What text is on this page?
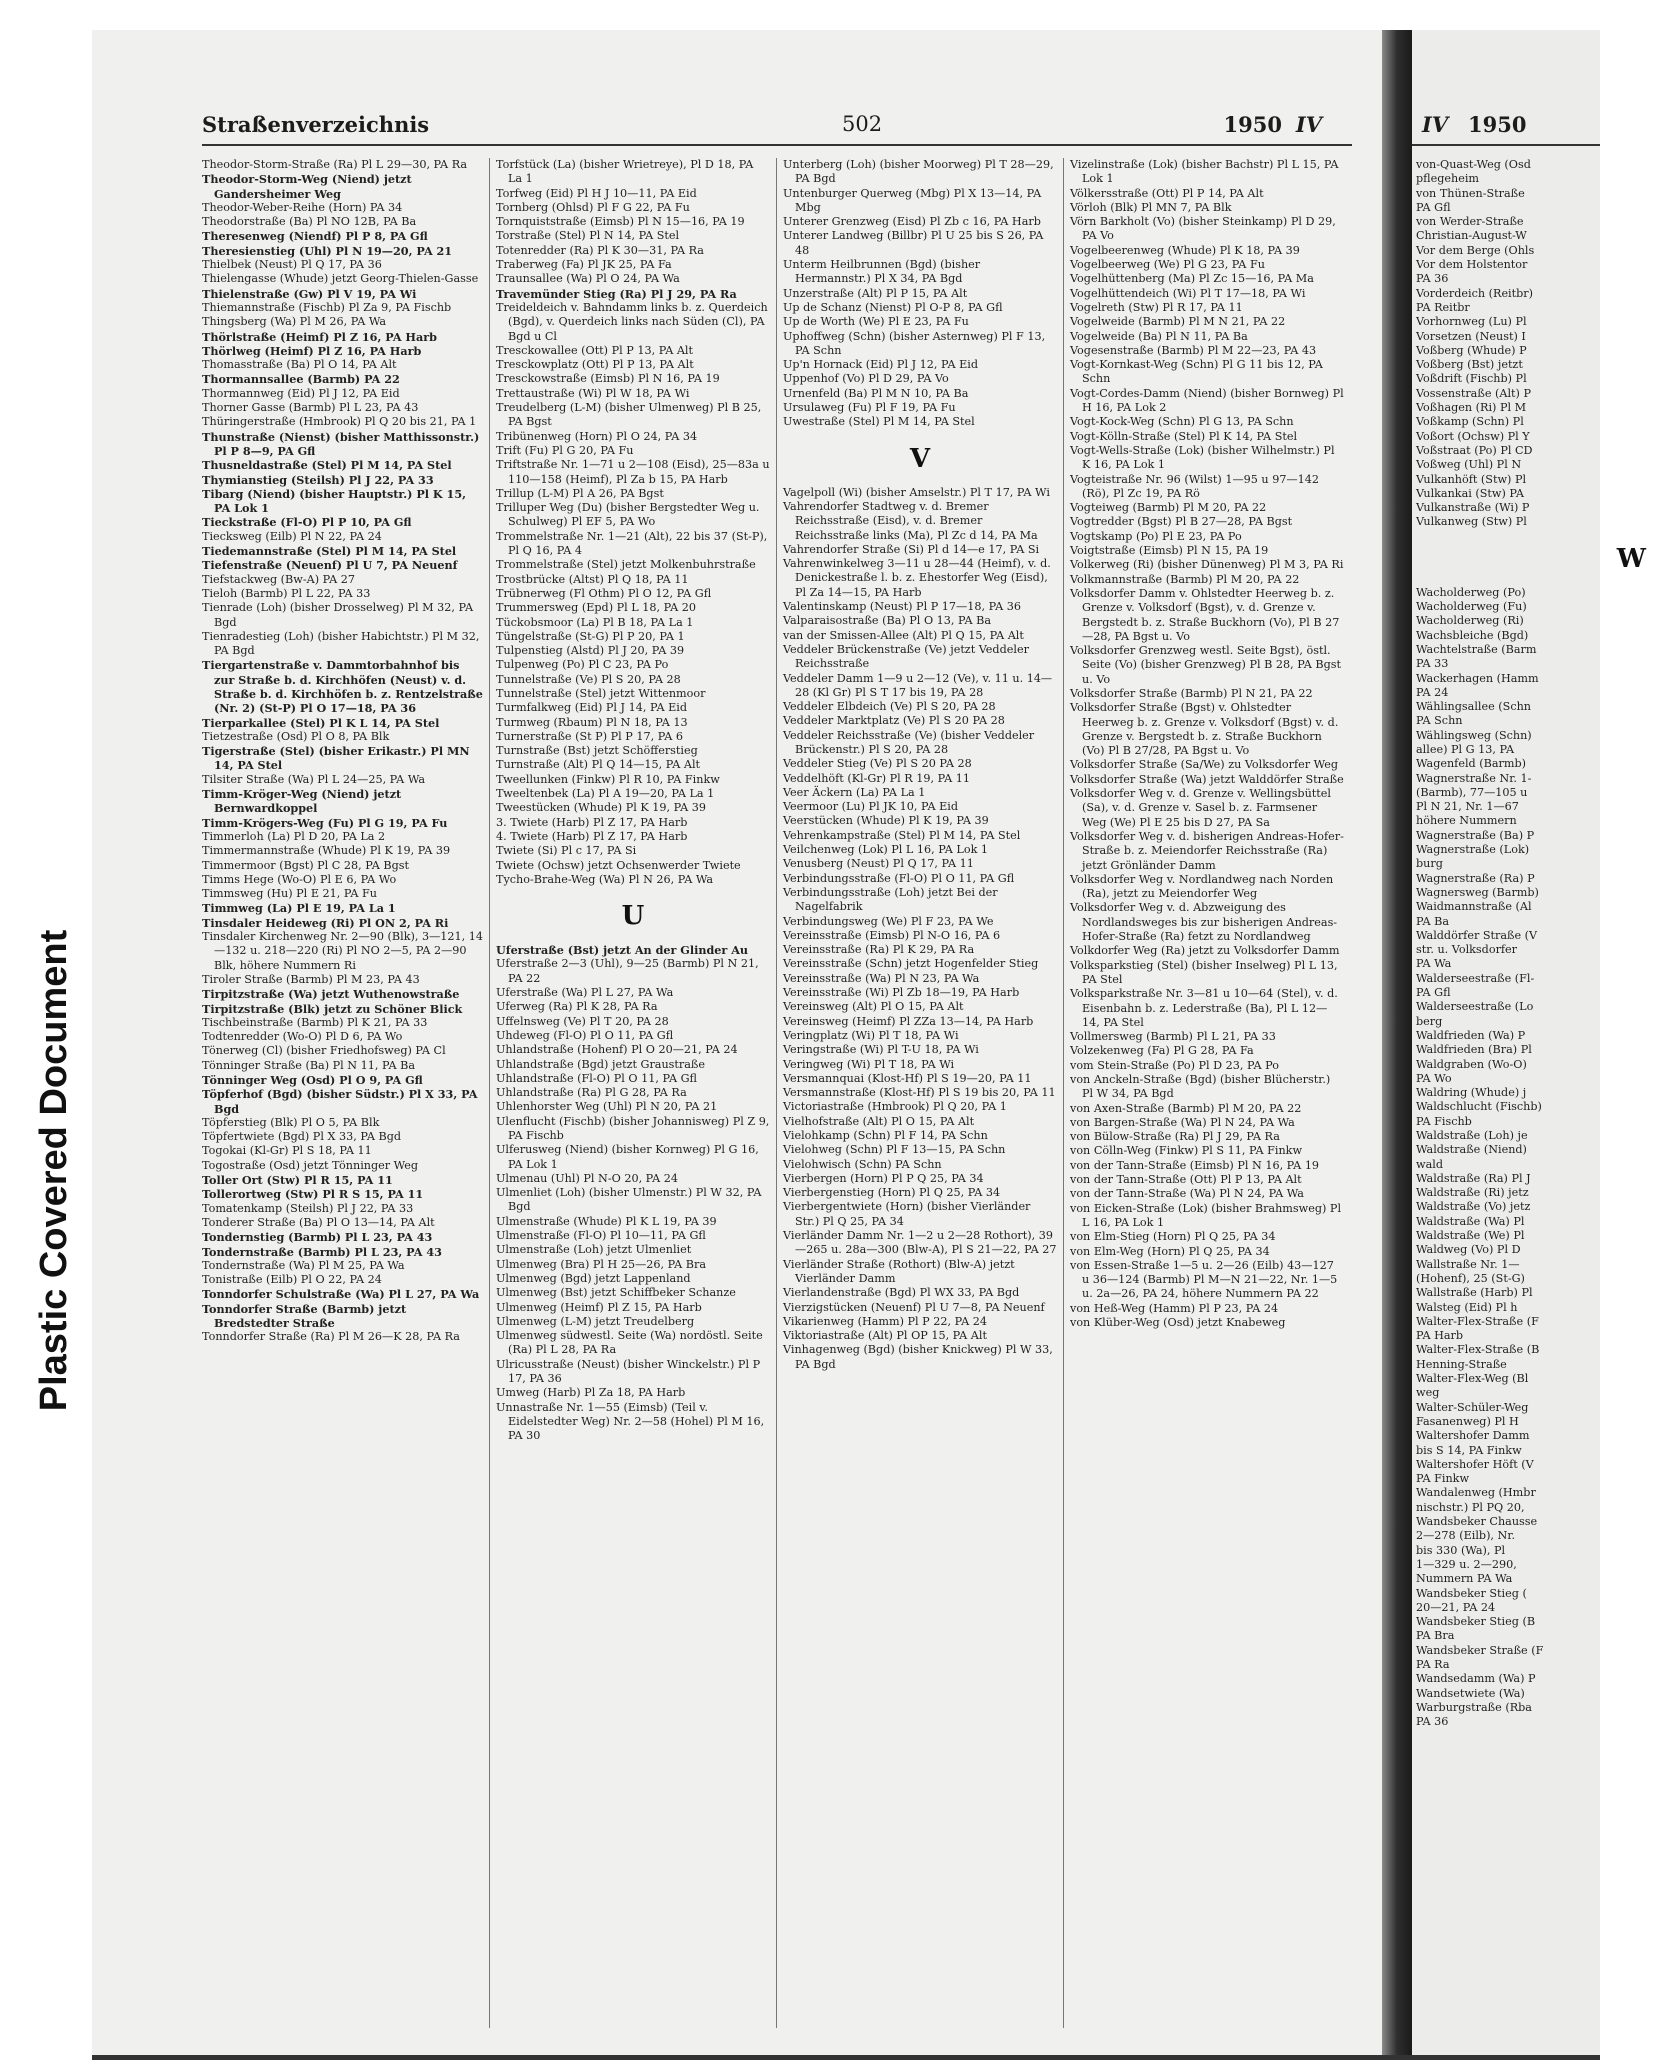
Plastic Covered Document
Straßenverzeichnis	502	1950 IV
Theodor-Storm-Straße (Ra) Pl L 29—30, PA Ra
Theodor-Storm-Weg (Niend) jetzt Gandersheimer Weg
Theodor-Weber-Reihe (Horn) PA 34
Theodorstraße (Ba) Pl NO 12B, PA Ba
Theresenweg (Niendf) Pl P 8, PA Gfl
Theresienstieg (Uhl) Pl N 19—20, PA 21
Thielbek (Neust) Pl Q 17, PA 36
Thielengasse (Whude) jetzt Georg-Thielen-Gasse
Thielenstraße (Gw) Pl V 19, PA Wi
Thiemannstraße (Fischb) Pl Za 9, PA Fischb
Thingsberg (Wa) Pl M 26, PA Wa
Thörlstraße (Heimf) Pl Z 16, PA Harb
Thörlweg (Heimf) Pl Z 16, PA Harb
Thomasstraße (Ba) Pl O 14, PA Alt
Thormannsallee (Barmb) PA 22
Thormannweg (Eid) Pl J 12, PA Eid
Thorner Gasse (Barmb) Pl L 23, PA 43
Thüringerstraße (Hmbrook) Pl Q 20 bis 21, PA 1
Thunstraße (Nienst) (bisher Matthissonstr.) Pl P 8—9, PA Gfl
Thusneldastraße (Stel) Pl M 14, PA Stel
Thymianstieg (Steilsh) Pl J 22, PA 33
Tibarg (Niend) (bisher Hauptstr.) Pl K 15, PA Lok 1
Tieckstraße (Fl-O) Pl P 10, PA Gfl
Tiecksweg (Eilb) Pl N 22, PA 24
Tiedemannstraße (Stel) Pl M 14, PA Stel
Tiefenstraße (Neuenf) Pl U 7, PA Neuenf
Tiefstackweg (Bw-A) PA 27
Tieloh (Barmb) Pl L 22, PA 33
Tienrade (Loh) (bisher Drosselweg) Pl M 32, PA Bgd
Tienradestieg (Loh) (bisher Habichtstr.) Pl M 32, PA Bgd
Tiergartenstraße v. Dammtorbahnhof bis zur Straße b. d. Kirchhöfen (Neust) v. d. Straße b. d. Kirchhöfen b. z. Rentzelstraße (Nr. 2) (St-P) Pl O 17—18, PA 36
Tierparkallee (Stel) Pl K L 14, PA Stel
Tietzestraße (Osd) Pl O 8, PA Blk
Tigerstraße (Stel) (bisher Erikastr.) Pl MN 14, PA Stel
Tilsiter Straße (Wa) Pl L 24—25, PA Wa
Timm-Kröger-Weg (Niend) jetzt Bernwardkoppel
Timm-Krögers-Weg (Fu) Pl G 19, PA Fu
Timmerloh (La) Pl D 20, PA La 2
Timmermannstraße (Whude) Pl K 19, PA 39
Timmermoor (Bgst) Pl C 28, PA Bgst
Timms Hege (Wo-O) Pl E 6, PA Wo
Timmsweg (Hu) Pl E 21, PA Fu
Timmweg (La) Pl E 19, PA La 1
Tinsdaler Heideweg (Ri) Pl ON 2, PA Ri
Tinsdaler Kirchenweg Nr. 2—90 (Blk), 3—121, 14—132 u. 218—220 (Ri) Pl NO 2—5, PA 2—90 Blk, höhere Nummern Ri
Tiroler Straße (Barmb) Pl M 23, PA 43
Tirpitzstraße (Wa) jetzt Wuthenowstraße
Tirpitzstraße (Blk) jetzt zu Schöner Blick
Tischbeinstraße (Barmb) Pl K 21, PA 33
Todtenredder (Wo-O) Pl D 6, PA Wo
Tönerweg (Cl) (bisher Friedhofsweg) PA Cl
Tönninger Straße (Ba) Pl N 11, PA Ba
Tönninger Weg (Osd) Pl O 9, PA Gfl
Töpferhof (Bgd) (bisher Südstr.) Pl X 33, PA Bgd
Töpferstieg (Blk) Pl O 5, PA Blk
Töpfertwiete (Bgd) Pl X 33, PA Bgd
Togokai (Kl-Gr) Pl S 18, PA 11
Togostraße (Osd) jetzt Tönninger Weg
Toller Ort (Stw) Pl R 15, PA 11
Tollerortweg (Stw) Pl R S 15, PA 11
Tomatenkamp (Steilsh) Pl J 22, PA 33
Tonderer Straße (Ba) Pl O 13—14, PA Alt
Tondernstieg (Barmb) Pl L 23, PA 43
Tondernstraße (Barmb) Pl L 23, PA 43
Tondernstraße (Wa) Pl M 25, PA Wa
Tonistraße (Eilb) Pl O 22, PA 24
Tonndorfer Schulstraße (Wa) Pl L 27, PA Wa
Tonndorfer Straße (Barmb) jetzt Bredstedter Straße
Tonndorfer Straße (Ra) Pl M 26—K 28, PA Ra
Torfstück (La) (bisher Wrietreye), Pl D 18, PA La 1
Torfweg (Eid) Pl H J 10—11, PA Eid
Tornberg (Ohlsd) Pl F G 22, PA Fu
Tornquiststraße (Eimsb) Pl N 15—16, PA 19
Torstraße (Stel) Pl N 14, PA Stel
Totenredder (Ra) Pl K 30—31, PA Ra
Traberweg (Fa) Pl JK 25, PA Fa
Traunsallee (Wa) Pl O 24, PA Wa
Travemünder Stieg (Ra) Pl J 29, PA Ra
Treideldeich v. Bahndamm links b. z. Querdeich (Bgd), v. Querdeich links nach Süden (Cl), PA Bgd u Cl
Tresckowallee (Ott) Pl P 13, PA Alt
Tresckowplatz (Ott) Pl P 13, PA Alt
Tresckowstraße (Eimsb) Pl N 16, PA 19
Trettaustraße (Wi) Pl W 18, PA Wi
Treudelberg (L-M) (bisher Ulmenweg) Pl B 25, PA Bgst
Tribünenweg (Horn) Pl O 24, PA 34
Trift (Fu) Pl G 20, PA Fu
Triftstraße Nr. 1—71 u 2—108 (Eisd), 25—83a u 110—158 (Heimf), Pl Za b 15, PA Harb
Trillup (L-M) Pl A 26, PA Bgst
Trilluper Weg (Du) (bisher Bergstedter Weg u. Schulweg) Pl EF 5, PA Wo
Trommelstraße Nr. 1—21 (Alt), 22 bis 37 (St-P), Pl Q 16, PA 4
Trommelstraße (Stel) jetzt Molkenbuhrstraße
Trostbrücke (Altst) Pl Q 18, PA 11
Trübnerweg (Fl Othm) Pl O 12, PA Gfl
Trummersweg (Epd) Pl L 18, PA 20
Tückobsmoor (La) Pl B 18, PA La 1
Tüngelstraße (St-G) Pl P 20, PA 1
Tulpenstieg (Alstd) Pl J 20, PA 39
Tulpenweg (Po) Pl C 23, PA Po
Tunnelstraße (Ve) Pl S 20, PA 28
Tunnelstraße (Stel) jetzt Wittenmoor
Turmfalkweg (Eid) Pl J 14, PA Eid
Turmweg (Rbaum) Pl N 18, PA 13
Turnerstraße (St P) Pl P 17, PA 6
Turnstraße (Bst) jetzt Schöfferstieg
Turnstraße (Alt) Pl Q 14—15, PA Alt
Tweellunken (Finkw) Pl R 10, PA Finkw
Tweeltenbek (La) Pl A 19—20, PA La 1
Tweestücken (Whude) Pl K 19, PA 39
3. Twiete (Harb) Pl Z 17, PA Harb
4. Twiete (Harb) Pl Z 17, PA Harb
Twiete (Si) Pl c 17, PA Si
Twiete (Ochsw) jetzt Ochsenwerder Twiete
Tycho-Brahe-Weg (Wa) Pl N 26, PA Wa
U
Uferstraße (Bst) jetzt An der Glinder Au
Uferstraße 2—3 (Uhl), 9—25 (Barmb) Pl N 21, PA 22
Uferstraße (Wa) Pl L 27, PA Wa
Uferweg (Ra) Pl K 28, PA Ra
Uffelnsweg (Ve) Pl T 20, PA 28
Uhdeweg (Fl-O) Pl O 11, PA Gfl
Uhlandstraße (Hohenf) Pl O 20—21, PA 24
Uhlandstraße (Bgd) jetzt Graustraße
Uhlandstraße (Fl-O) Pl O 11, PA Gfl
Uhlandstraße (Ra) Pl G 28, PA Ra
Uhlenhorster Weg (Uhl) Pl N 20, PA 21
Ulenflucht (Fischb) (bisher Johannisweg) Pl Z 9, PA Fischb
Ulferusweg (Niend) (bisher Kornweg) Pl G 16, PA Lok 1
Ulmenau (Uhl) Pl N-O 20, PA 24
Ulmenliet (Loh) (bisher Ulmenstr.) Pl W 32, PA Bgd
Ulmenstraße (Whude) Pl K L 19, PA 39
Ulmenstraße (Fl-O) Pl 10—11, PA Gfl
Ulmenstraße (Loh) jetzt Ulmenliet
Ulmenweg (Bra) Pl H 25—26, PA Bra
Ulmenweg (Bgd) jetzt Lappenland
Ulmenweg (Bst) jetzt Schiffbeker Schanze
Ulmenweg (Heimf) Pl Z 15, PA Harb
Ulmenweg (L-M) jetzt Treudelberg
Ulmenweg südwestl. Seite (Wa) nordöstl. Seite (Ra) Pl L 28, PA Ra
Ulricusstraße (Neust) (bisher Winckelstr.) Pl P 17, PA 36
Umweg (Harb) Pl Za 18, PA Harb
Unnastraße Nr. 1—55 (Eimsb) (Teil v. Eidelstedter Weg) Nr. 2—58 (Hohel) Pl M 16, PA 30
Unterberg (Loh) (bisher Moorweg) Pl T 28—29, PA Bgd
Untenburger Querweg (Mbg) Pl X 13—14, PA Mbg
Unterer Grenzweg (Eisd) Pl Zb c 16, PA Harb
Unterer Landweg (Billbr) Pl U 25 bis S 26, PA 48
Unterm Heilbrunnen (Bgd) (bisher Hermannstr.) Pl X 34, PA Bgd
Unzerstraße (Alt) Pl P 15, PA Alt
Up de Schanz (Nienst) Pl O-P 8, PA Gfl
Up de Worth (We) Pl E 23, PA Fu
Uphoffweg (Schn) (bisher Asternweg) Pl F 13, PA Schn
Up'n Hornack (Eid) Pl J 12, PA Eid
Uppenhof (Vo) Pl D 29, PA Vo
Urnenfeld (Ba) Pl M N 10, PA Ba
Ursulaweg (Fu) Pl F 19, PA Fu
Uwestraße (Stel) Pl M 14, PA Stel
V
Vagelpoll (Wi) (bisher Amselstr.) Pl T 17, PA Wi
Vahrendorfer Stadtweg v. d. Bremer Reichsstraße (Eisd), v. d. Bremer Reichsstraße links (Ma), Pl Zc d 14, PA Ma
Vahrendorfer Straße (Si) Pl d 14—e 17, PA Si
Vahrenwinkelweg 3—11 u 28—44 (Heimf), v. d. Denickestraße l. b. z. Ehestorfer Weg (Eisd), Pl Za 14—15, PA Harb
Valentinskamp (Neust) Pl P 17—18, PA 36
Valparaisostraße (Ba) Pl O 13, PA Ba
van der Smissen-Allee (Alt) Pl Q 15, PA Alt
Veddeler Brückenstraße (Ve) jetzt Veddeler Reichsstraße
Veddeler Damm 1—9 u 2—12 (Ve), v. 11 u. 14—28 (Kl Gr) Pl S T 17 bis 19, PA 28
Veddeler Elbdeich (Ve) Pl S 20, PA 28
Veddeler Marktplatz (Ve) Pl S 20 PA 28
Veddeler Reichsstraße (Ve) (bisher Veddeler Brückenstr.) Pl S 20, PA 28
Veddeler Stieg (Ve) Pl S 20 PA 28
Veddelhöft (Kl-Gr) Pl R 19, PA 11
Veer Äckern (La) PA La 1
Veermoor (Lu) Pl JK 10, PA Eid
Veerstücken (Whude) Pl K 19, PA 39
Vehrenkampstraße (Stel) Pl M 14, PA Stel
Veilchenweg (Lok) Pl L 16, PA Lok 1
Venusberg (Neust) Pl Q 17, PA 11
Verbindungsstraße (Fl-O) Pl O 11, PA Gfl
Verbindungsstraße (Loh) jetzt Bei der Nagelfabrik
Verbindungsweg (We) Pl F 23, PA We
Vereinsstraße (Eimsb) Pl N-O 16, PA 6
Vereinsstraße (Ra) Pl K 29, PA Ra
Vereinsstraße (Schn) jetzt Hogenfelder Stieg
Vereinsstraße (Wa) Pl N 23, PA Wa
Vereinsstraße (Wi) Pl Zb 18—19, PA Harb
Vereinsweg (Alt) Pl O 15, PA Alt
Vereinsweg (Heimf) Pl ZZa 13—14, PA Harb
Veringplatz (Wi) Pl T 18, PA Wi
Veringstraße (Wi) Pl T-U 18, PA Wi
Veringweg (Wi) Pl T 18, PA Wi
Versmannquai (Klost-Hf) Pl S 19—20, PA 11
Versmannstraße (Klost-Hf) Pl S 19 bis 20, PA 11
Victoriastraße (Hmbrook) Pl Q 20, PA 1
Vielhofstraße (Alt) Pl O 15, PA Alt
Vielohkamp (Schn) Pl F 14, PA Schn
Vielohweg (Schn) Pl F 13—15, PA Schn
Vielohwisch (Schn) PA Schn
Vierbergen (Horn) Pl P Q 25, PA 34
Vierbergenstieg (Horn) Pl Q 25, PA 34
Vierbergentwiete (Horn) (bisher Vierländer Str.) Pl Q 25, PA 34
Vierländer Damm Nr. 1—2 u 2—28 Rothort), 39—265 u. 28a—300 (Blw-A), Pl S 21—22, PA 27
Vierländer Straße (Rothort) (Blw-A) jetzt Vierländer Damm
Vierlandenstraße (Bgd) Pl WX 33, PA Bgd
Vierzigstücken (Neuenf) Pl U 7—8, PA Neuenf
Vikarienweg (Hamm) Pl P 22, PA 24
Viktoriastraße (Alt) Pl OP 15, PA Alt
Vinhagenweg (Bgd) (bisher Knickweg) Pl W 33, PA Bgd
Vizelinstraße (Lok) (bisher Bachstr) Pl L 15, PA Lok 1
Völkersstraße (Ott) Pl P 14, PA Alt
Vörloh (Blk) Pl MN 7, PA Blk
Vörn Barkholt (Vo) (bisher Steinkamp) Pl D 29, PA Vo
Vogelbeerenweg (Whude) Pl K 18, PA 39
Vogelbeerweg (We) Pl G 23, PA Fu
Vogelhüttenberg (Ma) Pl Zc 15—16, PA Ma
Vogelhüttendeich (Wi) Pl T 17—18, PA Wi
Vogelreth (Stw) Pl R 17, PA 11
Vogelweide (Barmb) Pl M N 21, PA 22
Vogelweide (Ba) Pl N 11, PA Ba
Vogesenstraße (Barmb) Pl M 22—23, PA 43
Vogt-Kornkast-Weg (Schn) Pl G 11 bis 12, PA Schn
Vogt-Cordes-Damm (Niend) (bisher Bornweg) Pl H 16, PA Lok 2
Vogt-Kock-Weg (Schn) Pl G 13, PA Schn
Vogt-Kölln-Straße (Stel) Pl K 14, PA Stel
Vogt-Wells-Straße (Lok) (bisher Wilhelmstr.) Pl K 16, PA Lok 1
Vogteistraße Nr. 96 (Wilst) 1—95 u 97—142 (Rö), Pl Zc 19, PA Rö
Vogteiweg (Barmb) Pl M 20, PA 22
Vogtredder (Bgst) Pl B 27—28, PA Bgst
Vogtskamp (Po) Pl E 23, PA Po
Voigtstraße (Eimsb) Pl N 15, PA 19
Volkerweg (Ri) (bisher Dünenweg) Pl M 3, PA Ri
Volkmannstraße (Barmb) Pl M 20, PA 22
Volksdorfer Damm v. Ohlstedter Heerweg b. z. Grenze v. Volksdorf (Bgst), v. d. Grenze v. Bergstedt b. z. Straße Buckhorn (Vo), Pl B 27—28, PA Bgst u. Vo
Volksdorfer Grenzweg westl. Seite Bgst), östl. Seite (Vo) (bisher Grenzweg) Pl B 28, PA Bgst u. Vo
Volksdorfer Straße (Barmb) Pl N 21, PA 22
Volksdorfer Straße (Bgst) v. Ohlstedter Heerweg b. z. Grenze v. Volksdorf (Bgst) v. d. Grenze v. Bergstedt b. z. Straße Buckhorn (Vo) Pl B 27/28, PA Bgst u. Vo
Volksdorfer Straße (Sa/We) zu Volksdorfer Weg
Volksdorfer Straße (Wa) jetzt Walddörfer Straße
Volksdorfer Weg v. d. Grenze v. Wellingsbüttel (Sa), v. d. Grenze v. Sasel b. z. Farmsener Weg (We) Pl E 25 bis D 27, PA Sa
Volksdorfer Weg v. d. bisherigen Andreas-Hofer-Straße b. z. Meiendorfer Reichsstraße (Ra) jetzt Grönländer Damm
Volksdorfer Weg v. Nordlandweg nach Norden (Ra), jetzt zu Meiendorfer Weg
Volksdorfer Weg v. d. Abzweigung des Nordlandsweges bis zur bisherigen Andreas-Hofer-Straße (Ra) fetzt zu Nordlandweg
Volkdorfer Weg (Ra) jetzt zu Volksdorfer Damm
Volksparkstieg (Stel) (bisher Inselweg) Pl L 13, PA Stel
Volksparkstraße Nr. 3—81 u 10—64 (Stel), v. d. Eisenbahn b. z. Lederstraße (Ba), Pl L 12—14, PA Stel
Vollmersweg (Barmb) Pl L 21, PA 33
Volzekenweg (Fa) Pl G 28, PA Fa
vom Stein-Straße (Po) Pl D 23, PA Po
von Anckeln-Straße (Bgd) (bisher Blücherstr.) Pl W 34, PA Bgd
von Axen-Straße (Barmb) Pl M 20, PA 22
von Bargen-Straße (Wa) Pl N 24, PA Wa
von Bülow-Straße (Ra) Pl J 29, PA Ra
von Cölln-Weg (Finkw) Pl S 11, PA Finkw
von der Tann-Straße (Eimsb) Pl N 16, PA 19
von der Tann-Straße (Ott) Pl P 13, PA Alt
von der Tann-Straße (Wa) Pl N 24, PA Wa
von Eicken-Straße (Lok) (bisher Brahmsweg) Pl L 16, PA Lok 1
von Elm-Stieg (Horn) Pl Q 25, PA 34
von Elm-Weg (Horn) Pl Q 25, PA 34
von Essen-Straße 1—5 u. 2—26 (Eilb) 43—127 u 36—124 (Barmb) Pl M—N 21—22, Nr. 1—5 u. 2a—26, PA 24, höhere Nummern PA 22
von Heß-Weg (Hamm) Pl P 23, PA 24
von Klüber-Weg (Osd) jetzt Knabeweg
IV 1950
von-Quast-Weg (Osd
pflegeheim
von Thünen-Straße
PA Gfl
von Werder-Straße
Christian-August-W
Vor dem Berge (Ohls
Vor dem Holstentor
PA 36
Vorderdeich (Reitbr)
PA Reitbr
Vorhornweg (Lu) Pl
Vorsetzen (Neust) I
Voßberg (Whude) P
Voßberg (Bst) jetzt
Voßdrift (Fischb) Pl
Vossenstraße (Alt) P
Voßhagen (Ri) Pl M
Voßkamp (Schn) Pl
Voßort (Ochsw) Pl Y
Voßstraat (Po) Pl CD
Voßweg (Uhl) Pl N
Vulkanhöft (Stw) Pl
Vulkankai (Stw) PA
Vulkanstraße (Wi) P
Vulkanweg (Stw) Pl
W
Wacholderweg (Po)
Wacholderweg (Fu)
Wacholderweg (Ri)
Wachsbleiche (Bgd)
Wachtelstraße (Barm
PA 33
Wackerhagen (Hamm
PA 24
Wählingsallee (Schn
PA Schn
Wählingsweg (Schn)
allee) Pl G 13, PA
Wagenfeld (Barmb)
Wagnerstraße Nr. 1-
(Barmb), 77—105 u
Pl N 21, Nr. 1—67
höhere Nummern
Wagnerstraße (Ba) P
Wagnerstraße (Lok)
burg
Wagnerstraße (Ra) P
Wagnersweg (Barmb)
Waidmannstraße (Al
PA Ba
Walddörfer Straße (V
str. u. Volksdorfer
PA Wa
Walderseestraße (Fl-
PA Gfl
Walderseestraße (Lo
berg
Waldfrieden (Wa) P
Waldfrieden (Bra) Pl
Waldgraben (Wo-O)
PA Wo
Waldring (Whude) j
Waldschlucht (Fischb)
PA Fischb
Waldstraße (Loh) je
Waldstraße (Niend)
wald
Waldstraße (Ra) Pl J
Waldstraße (Ri) jetz
Waldstraße (Vo) jetz
Waldstraße (Wa) Pl
Waldstraße (We) Pl
Waldweg (Vo) Pl D
Wallstraße Nr. 1—
(Hohenf), 25 (St-G)
Wallstraße (Harb) Pl
Walsteg (Eid) Pl h
Walter-Flex-Straße (F
PA Harb
Walter-Flex-Straße (B
Henning-Straße
Walter-Flex-Weg (Bl
weg
Walter-Schüler-Weg
Fasanenweg) Pl H
Waltershofer Damm
bis S 14, PA Finkw
Waltershofer Höft (V
PA Finkw
Wandalenweg (Hmbr
nischstr.) Pl PQ 20,
Wandsbeker Chausse
2—278 (Eilb), Nr.
bis 330 (Wa), Pl
1—329 u. 2—290,
Nummern PA Wa
Wandsbeker Stieg (
20—21, PA 24
Wandsbeker Stieg (B
PA Bra
Wandsbeker Straße (F
PA Ra
Wandsedamm (Wa) P
Wandsetwiete (Wa)
Warburgstraße (Rba
PA 36
